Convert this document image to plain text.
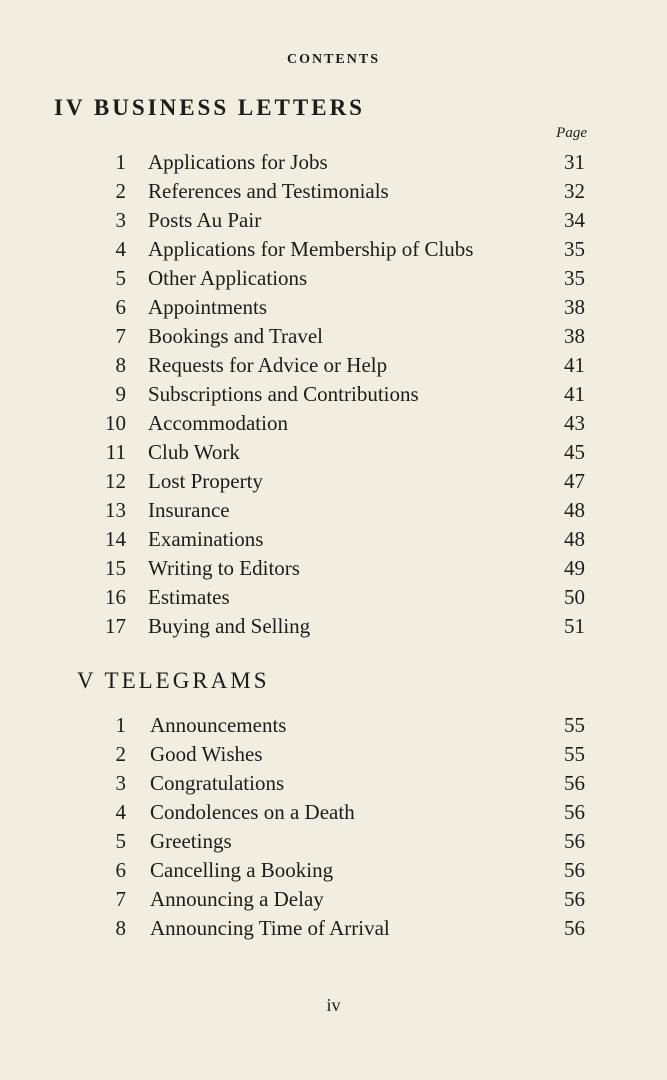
CONTENTS
IV BUSINESS LETTERS
Page
1 Applications for Jobs	31
2 References and Testimonials	32
3 Posts Au Pair	34
4 Applications for Membership of Clubs	35
5 Other Applications	35
6 Appointments	38
7 Bookings and Travel	38
8 Requests for Advice or Help	41
9 Subscriptions and Contributions	41
10 Accommodation	43
11 Club Work	45
12 Lost Property	47
13 Insurance	48
14 Examinations	48
15 Writing to Editors	49
16 Estimates	50
17 Buying and Selling	51
V TELEGRAMS
1 Announcements	55
2 Good Wishes	55
3 Congratulations	56
4 Condolences on a Death	56
5 Greetings	56
6 Cancelling a Booking	56
7 Announcing a Delay	56
8 Announcing Time of Arrival	56
iv
